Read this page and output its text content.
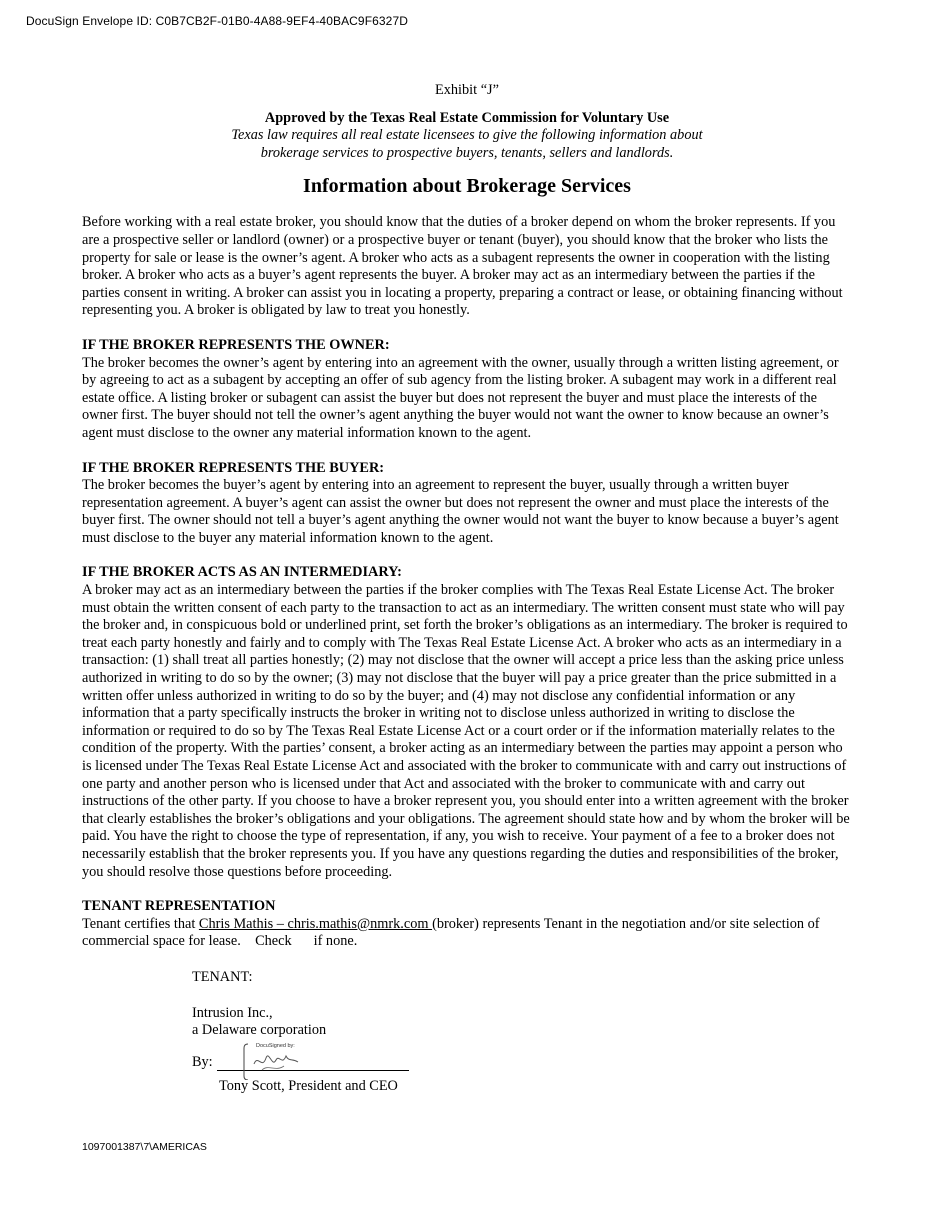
DocuSign Envelope ID: C0B7CB2F-01B0-4A88-9EF4-40BAC9F6327D
Exhibit “J”
Approved by the Texas Real Estate Commission for Voluntary Use
Texas law requires all real estate licensees to give the following information about
brokerage services to prospective buyers, tenants, sellers and landlords.
Information about Brokerage Services

Before working with a real estate broker, you should know that the duties of a broker depend on whom the broker represents. If you are a prospective seller or landlord (owner) or a prospective buyer or tenant (buyer), you should know that the broker who lists the property for sale or lease is the owner’s agent. A broker who acts as a subagent represents the owner in cooperation with the listing broker. A broker who acts as a buyer’s agent represents the buyer. A broker may act as an intermediary between the parties if the parties consent in writing. A broker can assist you in locating a property, preparing a contract or lease, or obtaining financing without representing you. A broker is obligated by law to treat you honestly.

IF THE BROKER REPRESENTS THE OWNER:

The broker becomes the owner’s agent by entering into an agreement with the owner, usually through a written listing agreement, or by agreeing to act as a subagent by accepting an offer of sub agency from the listing broker. A subagent may work in a different real estate office. A listing broker or subagent can assist the buyer but does not represent the buyer and must place the interests of the owner first. The buyer should not tell the owner’s agent anything the buyer would not want the owner to know because an owner’s agent must disclose to the owner any material information known to the agent.

IF THE BROKER REPRESENTS THE BUYER:

The broker becomes the buyer’s agent by entering into an agreement to represent the buyer, usually through a written buyer representation agreement. A buyer’s agent can assist the owner but does not represent the owner and must place the interests of the buyer first. The owner should not tell a buyer’s agent anything the owner would not want the buyer to know because a buyer’s agent must disclose to the buyer any material information known to the agent.

IF THE BROKER ACTS AS AN INTERMEDIARY:

A broker may act as an intermediary between the parties if the broker complies with The Texas Real Estate License Act. The broker must obtain the written consent of each party to the transaction to act as an intermediary. The written consent must state who will pay the broker and, in conspicuous bold or underlined print, set forth the broker’s obligations as an intermediary. The broker is required to treat each party honestly and fairly and to comply with The Texas Real Estate License Act. A broker who acts as an intermediary in a transaction: (1) shall treat all parties honestly; (2) may not disclose that the owner will accept a price less than the asking price unless authorized in writing to do so by the owner; (3) may not disclose that the buyer will pay a price greater than the price submitted in a written offer unless authorized in writing to do so by the buyer; and (4) may not disclose any confidential information or any information that a party specifically instructs the broker in writing not to disclose unless authorized in writing to disclose the information or required to do so by The Texas Real Estate License Act or a court order or if the information materially relates to the condition of the property. With the parties’ consent, a broker acting as an intermediary between the parties may appoint a person who is licensed under The Texas Real Estate License Act and associated with the broker to communicate with and carry out instructions of one party and another person who is licensed under that Act and associated with the broker to communicate with and carry out instructions of the other party. If you choose to have a broker represent you, you should enter into a written agreement with the broker that clearly establishes the broker’s obligations and your obligations. The agreement should state how and by whom the broker will be paid. You have the right to choose the type of representation, if any, you wish to receive. Your payment of a fee to a broker does not necessarily establish that the broker represents you. If you have any questions regarding the duties and responsibilities of the broker, you should resolve those questions before proceeding.

TENANT REPRESENTATION

Tenant certifies that Chris Mathis – chris.mathis@nmrk.com (broker) represents Tenant in the negotiation and/or site selection of commercial space for lease. Check if none.

TENANT:

Intrusion Inc.,

a Delaware corporation

By:
DocuSigned by:

Tony Scott, President and CEO

1097001387\7\AMERICAS
